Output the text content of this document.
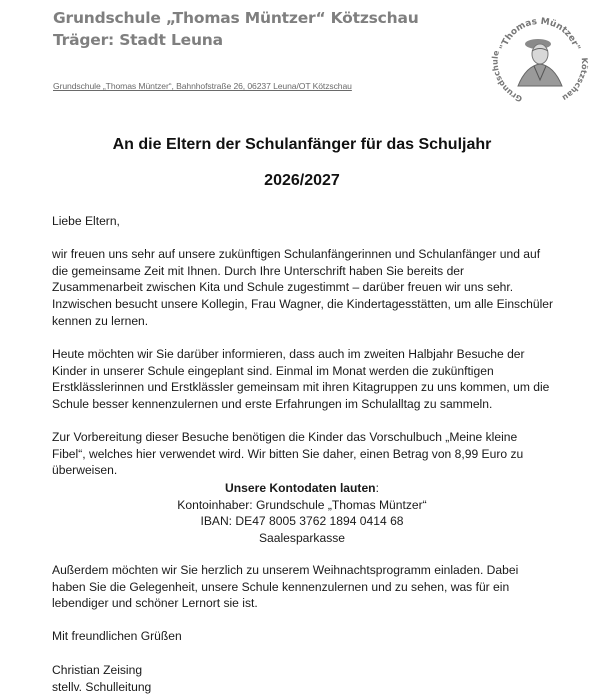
Grundschule „Thomas Müntzer“ Kötzschau
Träger: Stadt Leuna
Grundschule „Thomas Müntzer“, Bahnhofstraße 26, 06237 Leuna/OT Kötzschau
"Thomas Müntzer"
Grundschule
Kötzschau
An die Eltern der Schulanfänger für das Schuljahr
2026/2027

Liebe Eltern,

wir freuen uns sehr auf unsere zukünftigen Schulanfängerinnen und Schulanfänger und auf

die gemeinsame Zeit mit Ihnen. Durch Ihre Unterschrift haben Sie bereits der

Zusammenarbeit zwischen Kita und Schule zugestimmt – darüber freuen wir uns sehr.

Inzwischen besucht unsere Kollegin, Frau Wagner, die Kindertagesstätten, um alle Einschüler

kennen zu lernen.

Heute möchten wir Sie darüber informieren, dass auch im zweiten Halbjahr Besuche der

Kinder in unserer Schule eingeplant sind. Einmal im Monat werden die zukünftigen

Erstklässlerinnen und Erstklässler gemeinsam mit ihren Kitagruppen zu uns kommen, um die

Schule besser kennenzulernen und erste Erfahrungen im Schulalltag zu sammeln.

Zur Vorbereitung dieser Besuche benötigen die Kinder das Vorschulbuch „Meine kleine

Fibel“, welches hier verwendet wird. Wir bitten Sie daher, einen Betrag von 8,99 Euro zu

überweisen.

Unsere Kontodaten lauten:

Kontoinhaber: Grundschule „Thomas Müntzer“

IBAN: DE47 8005 3762 1894 0414 68

Saalesparkasse

Außerdem möchten wir Sie herzlich zu unserem Weihnachtsprogramm einladen. Dabei

haben Sie die Gelegenheit, unsere Schule kennenzulernen und zu sehen, was für ein

lebendiger und schöner Lernort sie ist.

Mit freundlichen Grüßen

Christian Zeising

stellv. Schulleitung
